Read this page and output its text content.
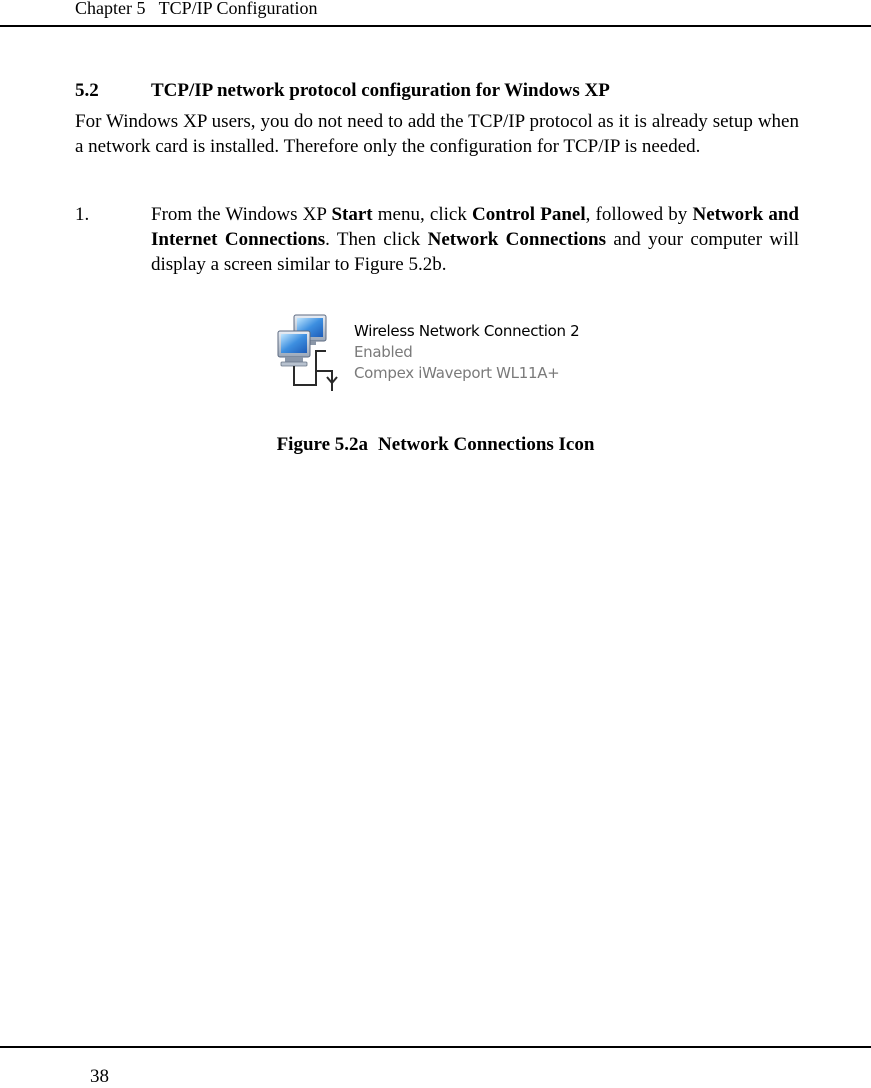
Chapter 5   TCP/IP Configuration
5.2	TCP/IP network protocol configuration for Windows XP

For Windows XP users, you do not need to add the TCP/IP protocol as it is already setup when a network card is installed. Therefore only the configuration for TCP/IP is needed.

1.	From the Windows XP Start menu, click Control Panel, followed by Network and Internet Connections. Then click Network Connections and your computer will display a screen similar to Figure 5.2b.
Wireless Network Connection 2
Enabled
Compex iWaveport WL11A+
Figure 5.2a Network Connections Icon
38
